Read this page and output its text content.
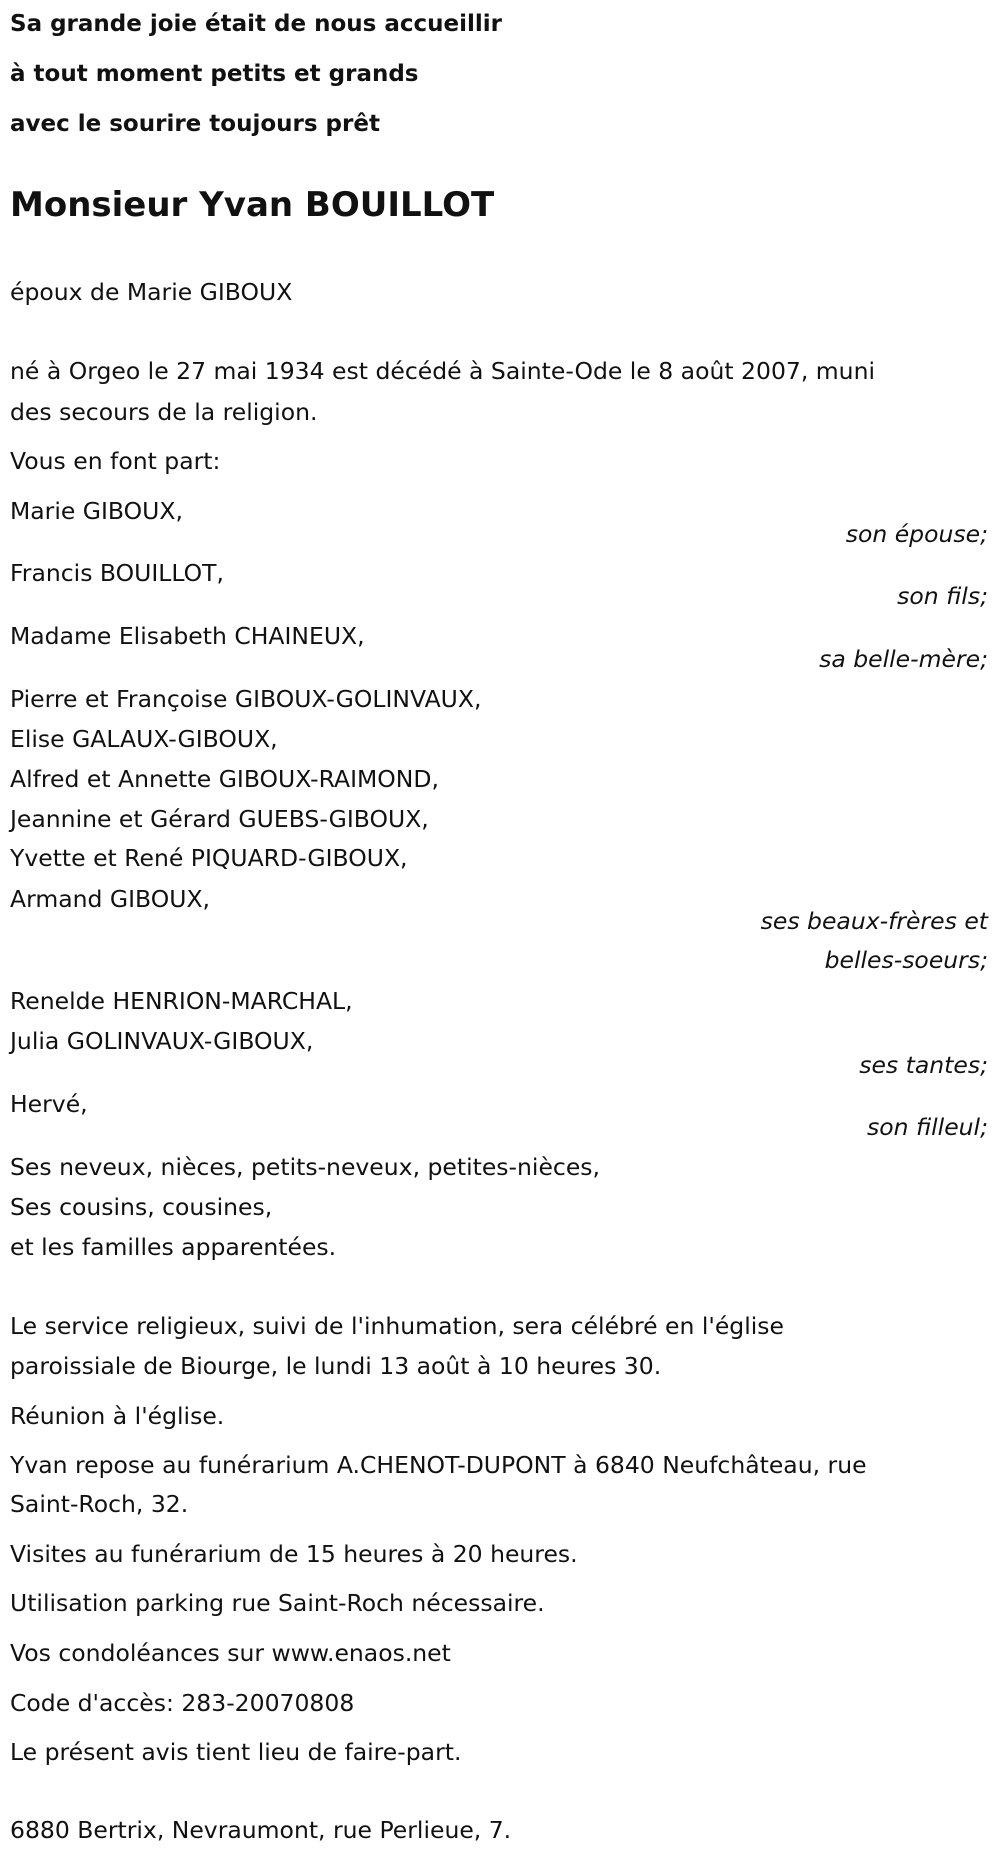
Sa grande joie était de nous accueillir
à tout moment petits et grands
avec le sourire toujours prêt
Monsieur Yvan BOUILLOT
époux de Marie GIBOUX
né à Orgeo le 27 mai 1934 est décédé à Sainte-Ode le 8 août 2007, muni
des secours de la religion.
Vous en font part:
Marie GIBOUX,
son épouse;
Francis BOUILLOT,
son fils;
Madame Elisabeth CHAINEUX,
sa belle-mère;
Pierre et Françoise GIBOUX-GOLINVAUX,
Elise GALAUX-GIBOUX,
Alfred et Annette GIBOUX-RAIMOND,
Jeannine et Gérard GUEBS-GIBOUX,
Yvette et René PIQUARD-GIBOUX,
Armand GIBOUX,
ses beaux-frères et
belles-soeurs;
Renelde HENRION-MARCHAL,
Julia GOLINVAUX-GIBOUX,
ses tantes;
Hervé,
son filleul;
Ses neveux, nièces, petits-neveux, petites-nièces,
Ses cousins, cousines,
et les familles apparentées.
Le service religieux, suivi de l'inhumation, sera célébré en l'église
paroissiale de Biourge, le lundi 13 août à 10 heures 30.
Réunion à l'église.
Yvan repose au funérarium A.CHENOT-DUPONT à 6840 Neufchâteau, rue
Saint-Roch, 32.
Visites au funérarium de 15 heures à 20 heures.
Utilisation parking rue Saint-Roch nécessaire.
Vos condoléances sur www.enaos.net
Code d'accès: 283-20070808
Le présent avis tient lieu de faire-part.
6880 Bertrix, Nevraumont, rue Perlieue, 7.
